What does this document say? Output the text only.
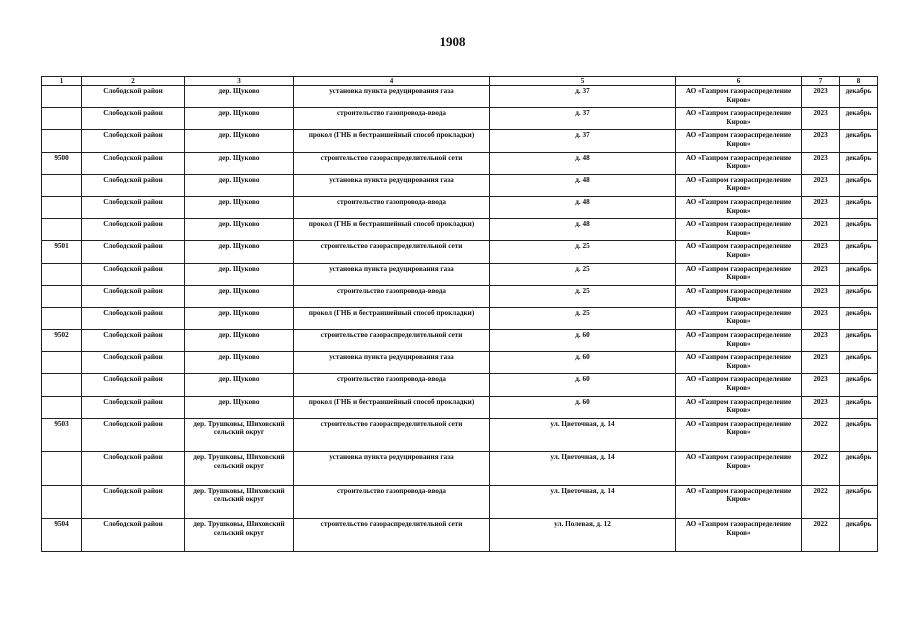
1908
1	2	3	4	5	6	7	8
	Слободской район	дер. Щуково	установка пункта редуцирования газа	д. 37	АО «Газпром газораспределение Киров»	2023	декабрь
	Слободской район	дер. Щуково	строительство газопровода-ввода	д. 37	АО «Газпром газораспределение Киров»	2023	декабрь
	Слободской район	дер. Щуково	прокол (ГНБ и бестраншейный способ прокладки)	д. 37	АО «Газпром газораспределение Киров»	2023	декабрь
9500	Слободской район	дер. Щуково	строительство газораспределительной сети	д. 48	АО «Газпром газораспределение Киров»	2023	декабрь
	Слободской район	дер. Щуково	установка пункта редуцирования газа	д. 48	АО «Газпром газораспределение Киров»	2023	декабрь
	Слободской район	дер. Щуково	строительство газопровода-ввода	д. 48	АО «Газпром газораспределение Киров»	2023	декабрь
	Слободской район	дер. Щуково	прокол (ГНБ и бестраншейный способ прокладки)	д. 48	АО «Газпром газораспределение Киров»	2023	декабрь
9501	Слободской район	дер. Щуково	строительство газораспределительной сети	д. 25	АО «Газпром газораспределение Киров»	2023	декабрь
	Слободской район	дер. Щуково	установка пункта редуцирования газа	д. 25	АО «Газпром газораспределение Киров»	2023	декабрь
	Слободской район	дер. Щуково	строительство газопровода-ввода	д. 25	АО «Газпром газораспределение Киров»	2023	декабрь
	Слободской район	дер. Щуково	прокол (ГНБ и бестраншейный способ прокладки)	д. 25	АО «Газпром газораспределение Киров»	2023	декабрь
9502	Слободской район	дер. Щуково	строительство газораспределительной сети	д. 60	АО «Газпром газораспределение Киров»	2023	декабрь
	Слободской район	дер. Щуково	установка пункта редуцирования газа	д. 60	АО «Газпром газораспределение Киров»	2023	декабрь
	Слободской район	дер. Щуково	строительство газопровода-ввода	д. 60	АО «Газпром газораспределение Киров»	2023	декабрь
	Слободской район	дер. Щуково	прокол (ГНБ и бестраншейный способ прокладки)	д. 60	АО «Газпром газораспределение Киров»	2023	декабрь
9503	Слободской район	дер. Трушковы, Шиховский сельский округ	строительство газораспределительной сети	ул. Цветочная, д. 14	АО «Газпром газораспределение Киров»	2022	декабрь
	Слободской район	дер. Трушковы, Шиховский сельский округ	установка пункта редуцирования газа	ул. Цветочная, д. 14	АО «Газпром газораспределение Киров»	2022	декабрь
	Слободской район	дер. Трушковы, Шиховский сельский округ	строительство газопровода-ввода	ул. Цветочная, д. 14	АО «Газпром газораспределение Киров»	2022	декабрь
9504	Слободской район	дер. Трушковы, Шиховский сельский округ	строительство газораспределительной сети	ул. Полевая, д. 12	АО «Газпром газораспределение Киров»	2022	декабрь
